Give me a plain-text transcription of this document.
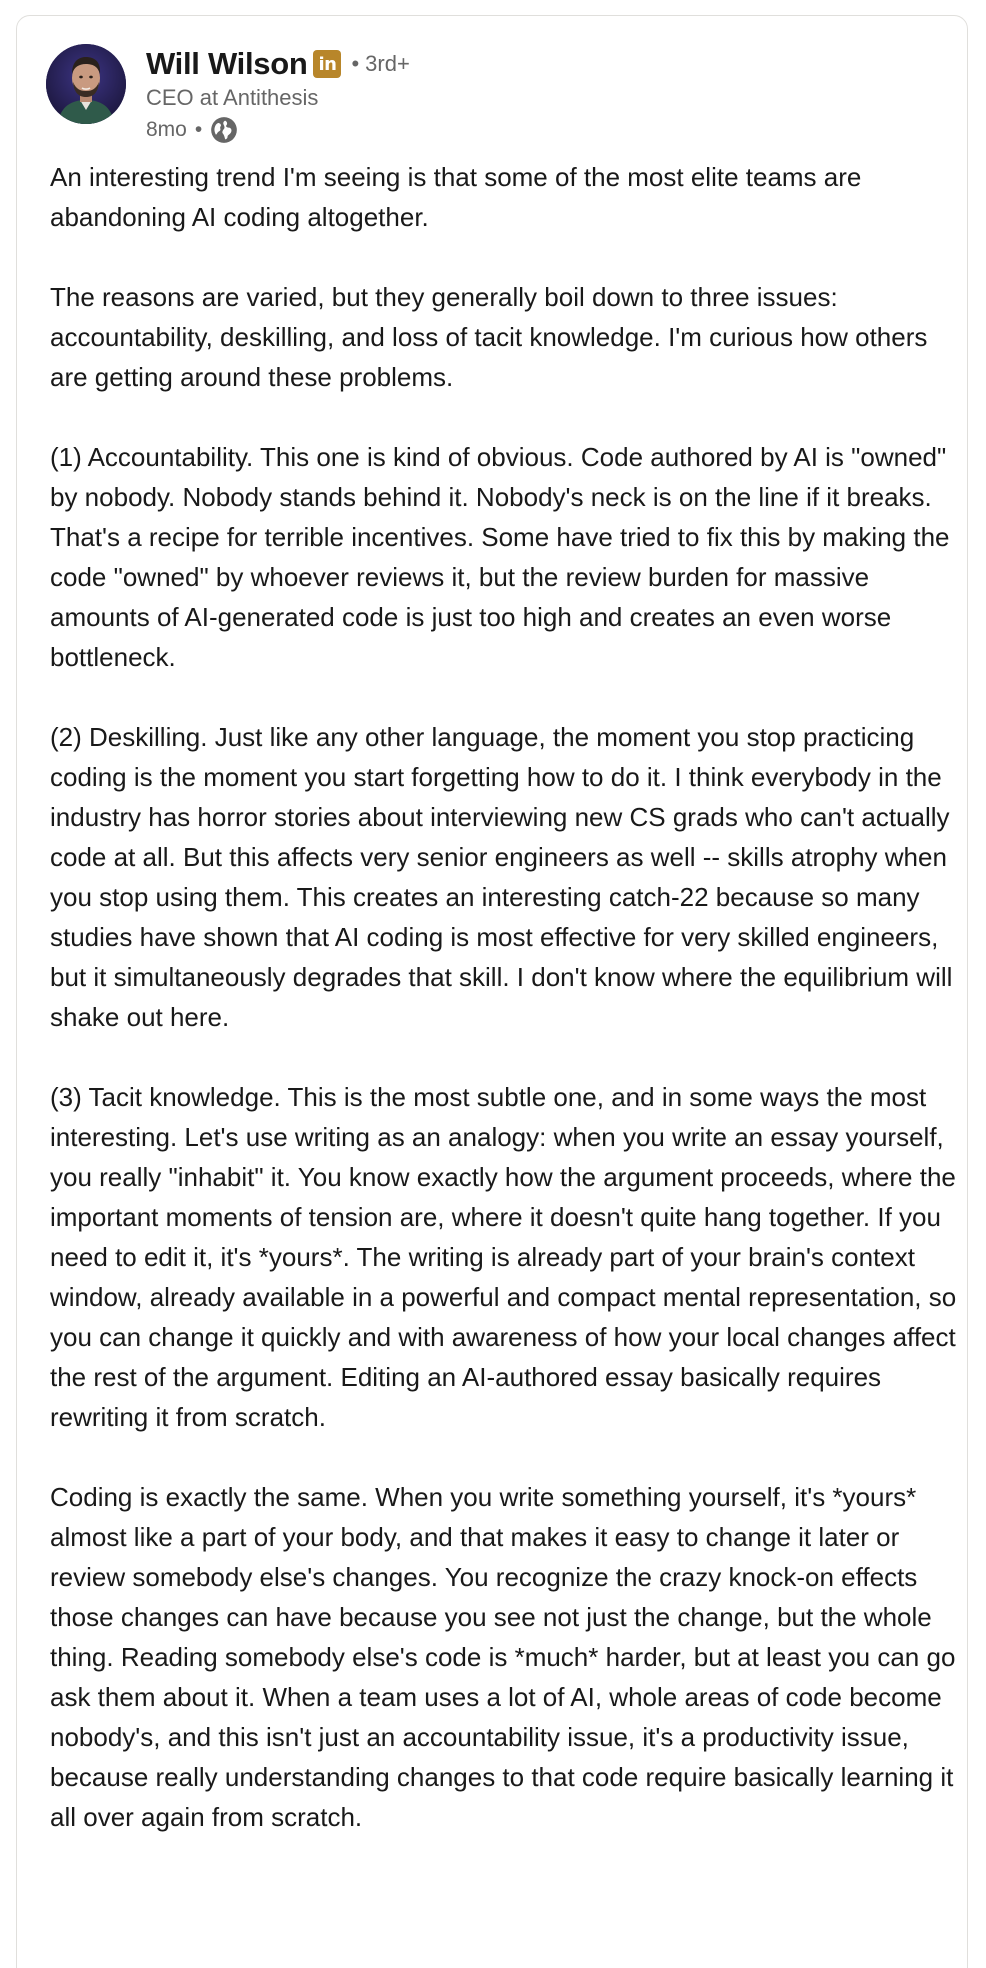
Will Wilson in • 3rd+
CEO at Antithesis
8mo •

An interesting trend I'm seeing is that some of the most elite teams are abandoning AI coding altogether.

The reasons are varied, but they generally boil down to three issues: accountability, deskilling, and loss of tacit knowledge. I'm curious how others are getting around these problems.

(1) Accountability. This one is kind of obvious. Code authored by AI is "owned" by nobody. Nobody stands behind it. Nobody's neck is on the line if it breaks. That's a recipe for terrible incentives. Some have tried to fix this by making the code "owned" by whoever reviews it, but the review burden for massive amounts of AI-generated code is just too high and creates an even worse bottleneck.

(2) Deskilling. Just like any other language, the moment you stop practicing coding is the moment you start forgetting how to do it. I think everybody in the industry has horror stories about interviewing new CS grads who can't actually code at all. But this affects very senior engineers as well -- skills atrophy when you stop using them. This creates an interesting catch-22 because so many studies have shown that AI coding is most effective for very skilled engineers, but it simultaneously degrades that skill. I don't know where the equilibrium will shake out here.

(3) Tacit knowledge. This is the most subtle one, and in some ways the most interesting. Let's use writing as an analogy: when you write an essay yourself, you really "inhabit" it. You know exactly how the argument proceeds, where the important moments of tension are, where it doesn't quite hang together. If you need to edit it, it's *yours*. The writing is already part of your brain's context window, already available in a powerful and compact mental representation, so you can change it quickly and with awareness of how your local changes affect the rest of the argument. Editing an AI-authored essay basically requires rewriting it from scratch.

Coding is exactly the same. When you write something yourself, it's *yours* almost like a part of your body, and that makes it easy to change it later or review somebody else's changes. You recognize the crazy knock-on effects those changes can have because you see not just the change, but the whole thing. Reading somebody else's code is *much* harder, but at least you can go ask them about it. When a team uses a lot of AI, whole areas of code become nobody's, and this isn't just an accountability issue, it's a productivity issue, because really understanding changes to that code require basically learning it all over again from scratch.
